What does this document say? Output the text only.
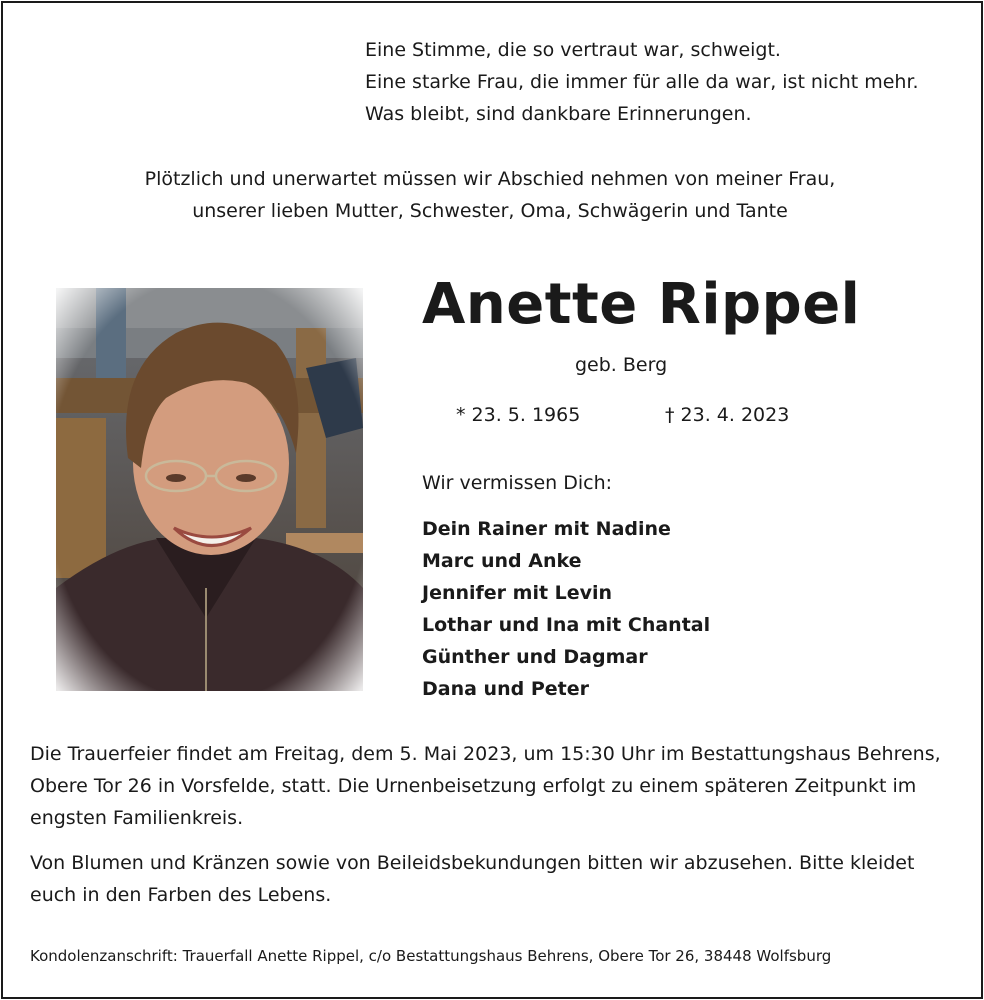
Eine Stimme, die so vertraut war, schweigt.
Eine starke Frau, die immer für alle da war, ist nicht mehr.
Was bleibt, sind dankbare Erinnerungen.
Plötzlich und unerwartet müssen wir Abschied nehmen von meiner Frau,
unserer lieben Mutter, Schwester, Oma, Schwägerin und Tante
Anette Rippel
geb. Berg
* 23. 5. 1965	† 23. 4. 2023
Wir vermissen Dich:
Dein Rainer mit Nadine
Marc und Anke
Jennifer mit Levin
Lothar und Ina mit Chantal
Günther und Dagmar
Dana und Peter
Die Trauerfeier findet am Freitag, dem 5. Mai 2023, um 15:30 Uhr im Bestattungshaus Behrens, Obere Tor 26 in Vorsfelde, statt. Die Urnenbeisetzung erfolgt zu einem späteren Zeitpunkt im engsten Familienkreis.
Von Blumen und Kränzen sowie von Beileidsbekundungen bitten wir abzusehen. Bitte kleidet euch in den Farben des Lebens.
Kondolenzanschrift: Trauerfall Anette Rippel, c/o Bestattungshaus Behrens, Obere Tor 26, 38448 Wolfsburg
